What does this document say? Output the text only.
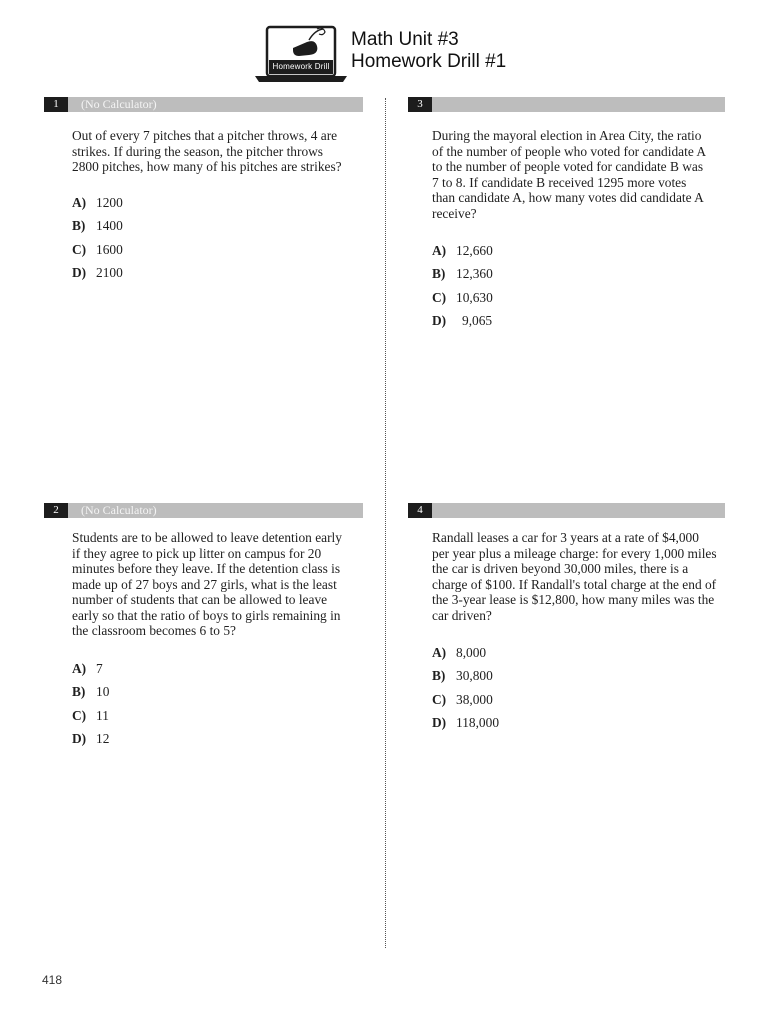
Homework Drill
Math Unit #3
Homework Drill #1
1	(No Calculator)
Out of every 7 pitches that a pitcher throws, 4 are strikes. If during the season, the pitcher throws 2800 pitches, how many of his pitches are strikes?
A) 1200
B) 1400
C) 1600
D) 2100
2	(No Calculator)
Students are to be allowed to leave detention early if they agree to pick up litter on campus for 20 minutes before they leave. If the detention class is made up of 27 boys and 27 girls, what is the least number of students that can be allowed to leave early so that the ratio of boys to girls remaining in the classroom becomes 6 to 5?
A) 7
B) 10
C) 11
D) 12
3
During the mayoral election in Area City, the ratio of the number of people who voted for candidate A to the number of people voted for candidate B was 7 to 8. If candidate B received 1295 more votes than candidate A, how many votes did candidate A receive?
A) 12,660
B) 12,360
C) 10,630
D) 9,065
4
Randall leases a car for 3 years at a rate of $4,000 per year plus a mileage charge: for every 1,000 miles the car is driven beyond 30,000 miles, there is a charge of $100. If Randall's total charge at the end of the 3-year lease is $12,800, how many miles was the car driven?
A) 8,000
B) 30,800
C) 38,000
D) 118,000
418
